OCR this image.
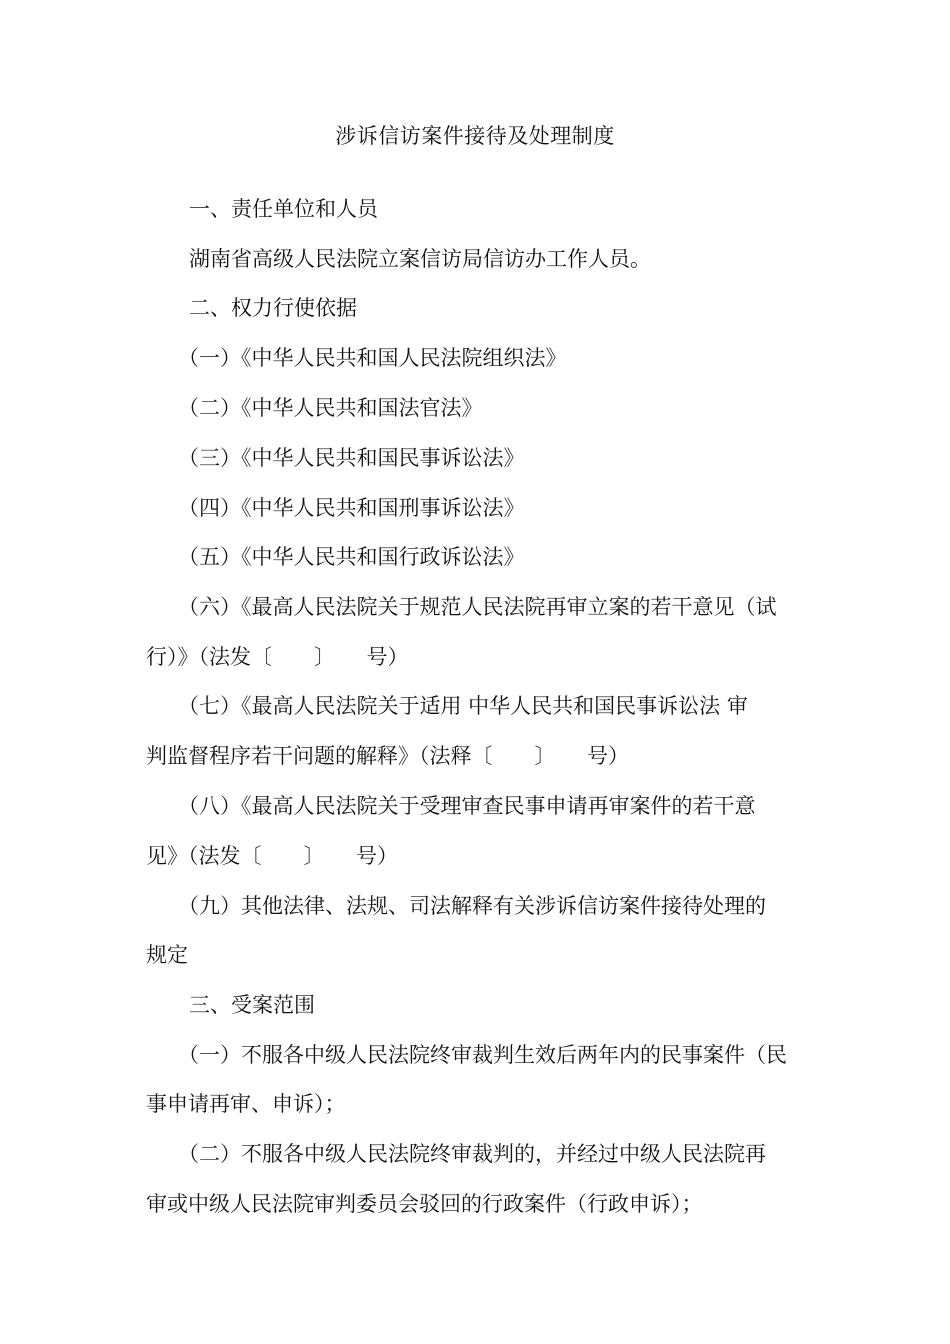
涉诉信访案件接待及处理制度
一、责任单位和人员
湖南省高级人民法院立案信访局信访办工作人员。
二、权力行使依据
（一）《中华人民共和国人民法院组织法》
（二）《中华人民共和国法官法》
（三）《中华人民共和国民事诉讼法》
（四）《中华人民共和国刑事诉讼法》
（五）《中华人民共和国行政诉讼法》
（六）《最高人民法院关于规范人民法院再审立案的若干意见（试
行）》（法发〔　　〕　　号）
（七）《最高人民法院关于适用 中华人民共和国民事诉讼法 审
判监督程序若干问题的解释》（法释〔　　〕　　号）
（八）《最高人民法院关于受理审查民事申请再审案件的若干意
见》（法发〔　　〕　　号）
（九）其他法律、法规、司法解释有关涉诉信访案件接待处理的
规定
三、受案范围
（一）不服各中级人民法院终审裁判生效后两年内的民事案件（民
事申请再审、申诉）；
（二）不服各中级人民法院终审裁判的，并经过中级人民法院再
审或中级人民法院审判委员会驳回的行政案件（行政申诉）；
